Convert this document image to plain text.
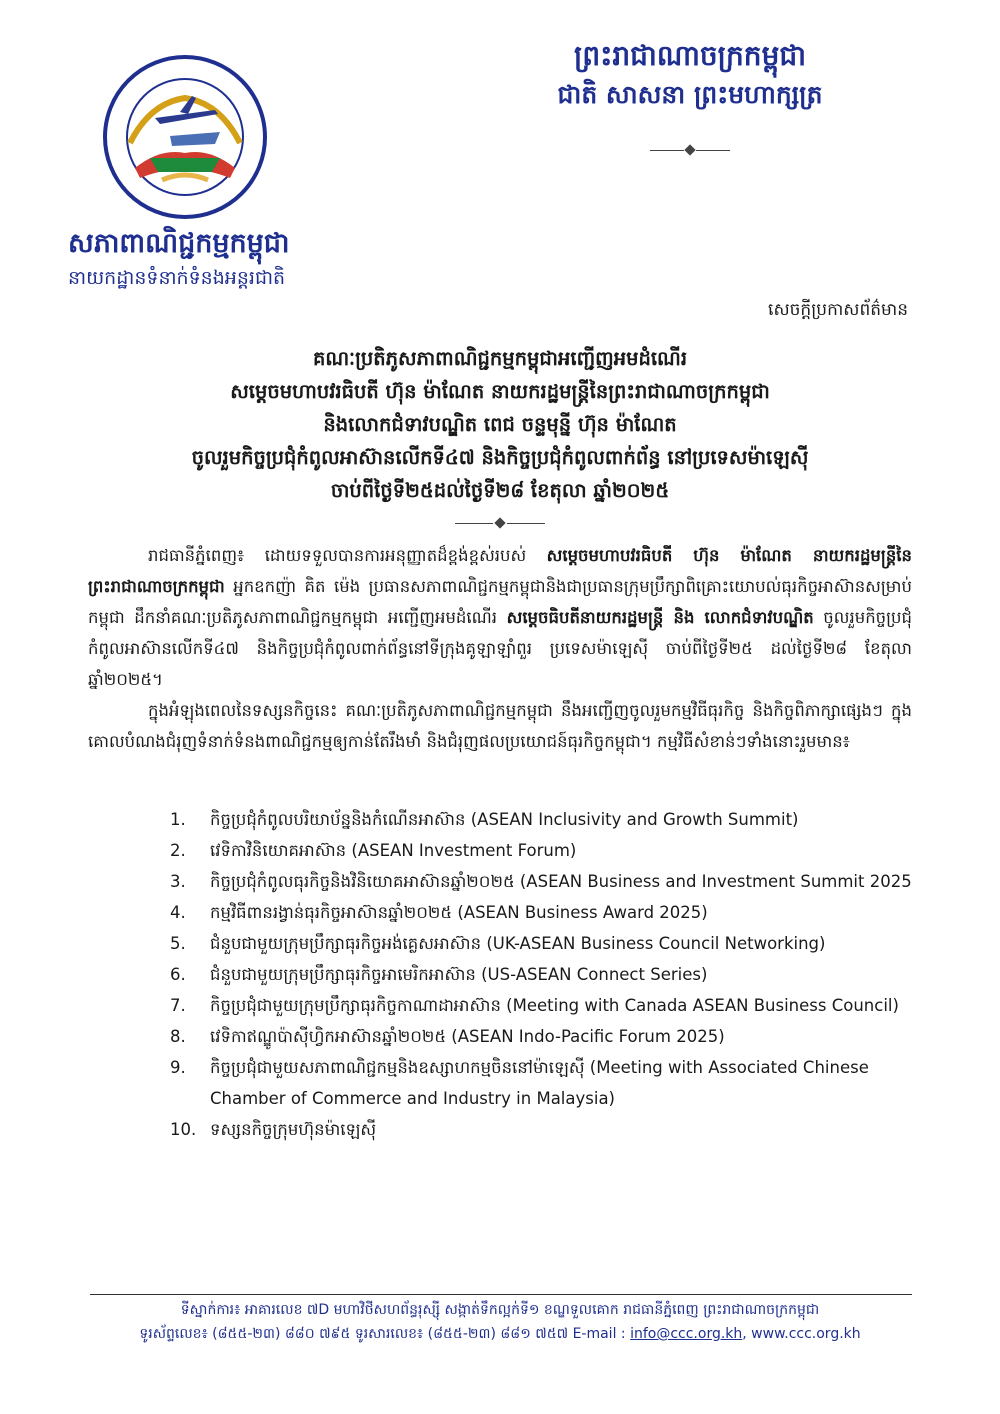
សភាពាណិជ្ជកម្មកម្ពុជា
នាយកដ្ឋានទំនាក់ទំនងអន្តរជាតិ
ព្រះរាជាណាចក្រកម្ពុជា
ជាតិ សាសនា ព្រះមហាក្សត្រ
សេចក្តីប្រកាសព័ត៌មាន
គណៈប្រតិភូសភាពាណិជ្ជកម្មកម្ពុជាអញ្ជើញអមដំណើរ
សម្តេចមហាបវរធិបតី ហ៊ុន ម៉ាណែត នាយករដ្ឋមន្ត្រីនៃព្រះរាជាណាចក្រកម្ពុជា
និងលោកជំទាវបណ្ឌិត ពេជ ចន្ទមុន្នី ហ៊ុន ម៉ាណែត
ចូលរួមកិច្ចប្រជុំកំពូលអាស៊ានលើកទី៤៧ និងកិច្ចប្រជុំកំពូលពាក់ព័ន្ធ នៅប្រទេសម៉ាឡេស៊ី
ចាប់ពីថ្ងៃទី២៥ដល់ថ្ងៃទី២៨ ខែតុលា ឆ្នាំ២០២៥

រាជធានីភ្នំពេញ៖ ដោយទទួលបានការអនុញ្ញាតដ៏ខ្ពង់ខ្ពស់របស់ សម្តេចមហាបវរធិបតី ហ៊ុន ម៉ាណែត នាយករដ្ឋមន្ត្រីនៃព្រះរាជាណាចក្រកម្ពុជា អ្នកឧកញ៉ា គិត ម៉េង ប្រធានសភាពាណិជ្ជកម្មកម្ពុជានិងជាប្រធានក្រុមប្រឹក្សាពិគ្រោះយោបល់ធុរកិច្ចអាស៊ានសម្រាប់កម្ពុជា ដឹកនាំគណៈប្រតិភូសភាពាណិជ្ជកម្មកម្ពុជា អញ្ជើញអមដំណើរ សម្តេចធិបតីនាយករដ្ឋមន្ត្រី និង លោកជំទាវបណ្ឌិត ចូលរួមកិច្ចប្រជុំកំពូលអាស៊ានលើកទី៤៧ និងកិច្ចប្រជុំកំពូលពាក់ព័ន្ធនៅទីក្រុងគូឡាឡាំពួរ ប្រទេសម៉ាឡេស៊ី ចាប់ពីថ្ងៃទី២៥ ដល់ថ្ងៃទី២៨ ខែតុលា ឆ្នាំ២០២៥។

ក្នុងអំឡុងពេលនៃទស្សនកិច្ចនេះ គណៈប្រតិភូសភាពាណិជ្ជកម្មកម្ពុជា នឹងអញ្ជើញចូលរួមកម្មវិធីធុរកិច្ច និងកិច្ចពិភាក្សាផ្សេងៗ ក្នុងគោលបំណងជំរុញទំនាក់ទំនងពាណិជ្ជកម្មឲ្យកាន់តែរឹងមាំ និងជំរុញផលប្រយោជន៍ធុរកិច្ចកម្ពុជា។ កម្មវិធីសំខាន់ៗទាំងនោះរួមមាន៖

1.	កិច្ចប្រជុំកំពូលបរិយាប័ន្ននិងកំណើនអាស៊ាន (ASEAN Inclusivity and Growth Summit)
2.	វេទិកាវិនិយោគអាស៊ាន (ASEAN Investment Forum)
3.	កិច្ចប្រជុំកំពូលធុរកិច្ចនិងវិនិយោគអាស៊ានឆ្នាំ២០២៥ (ASEAN Business and Investment Summit 2025
4.	កម្មវិធីពានរង្វាន់ធុរកិច្ចអាស៊ានឆ្នាំ២០២៥ (ASEAN Business Award 2025)
5.	ជំនួបជាមួយក្រុមប្រឹក្សាធុរកិច្ចអង់គ្លេសអាស៊ាន (UK-ASEAN Business Council Networking)
6.	ជំនួបជាមួយក្រុមប្រឹក្សាធុរកិច្ចអាមេរិកអាស៊ាន (US-ASEAN Connect Series)
7.	កិច្ចប្រជុំជាមួយក្រុមប្រឹក្សាធុរកិច្ចកាណាដាអាស៊ាន (Meeting with Canada ASEAN Business Council)
8.	វេទិកាឥណ្ឌូប៉ាស៊ីហ្វិកអាស៊ានឆ្នាំ២០២៥ (ASEAN Indo-Pacific Forum 2025)
9.	កិច្ចប្រជុំជាមួយសភាពាណិជ្ជកម្មនិងឧស្សាហកម្មចិននៅម៉ាឡេស៊ី (Meeting with Associated Chinese Chamber of Commerce and Industry in Malaysia)
10. ទស្សនកិច្ចក្រុមហ៊ុនម៉ាឡេស៊ី
ទីស្នាក់ការ៖ អាគារលេខ ៧D មហាវិថីសហព័ន្ធរុស្ស៊ី សង្កាត់ទឹកល្អក់ទី១ ខណ្ឌទួលគោក រាជធានីភ្នំពេញ ព្រះរាជាណាចក្រកម្ពុជា
ទូរស័ព្ទលេខ៖ (៨៥៥-២៣) ៨៨០ ៧៩៥ ទូរសារលេខ៖ (៨៥៥-២៣) ៨៨១ ៧៥៧ E-mail : info@ccc.org.kh, www.ccc.org.kh
